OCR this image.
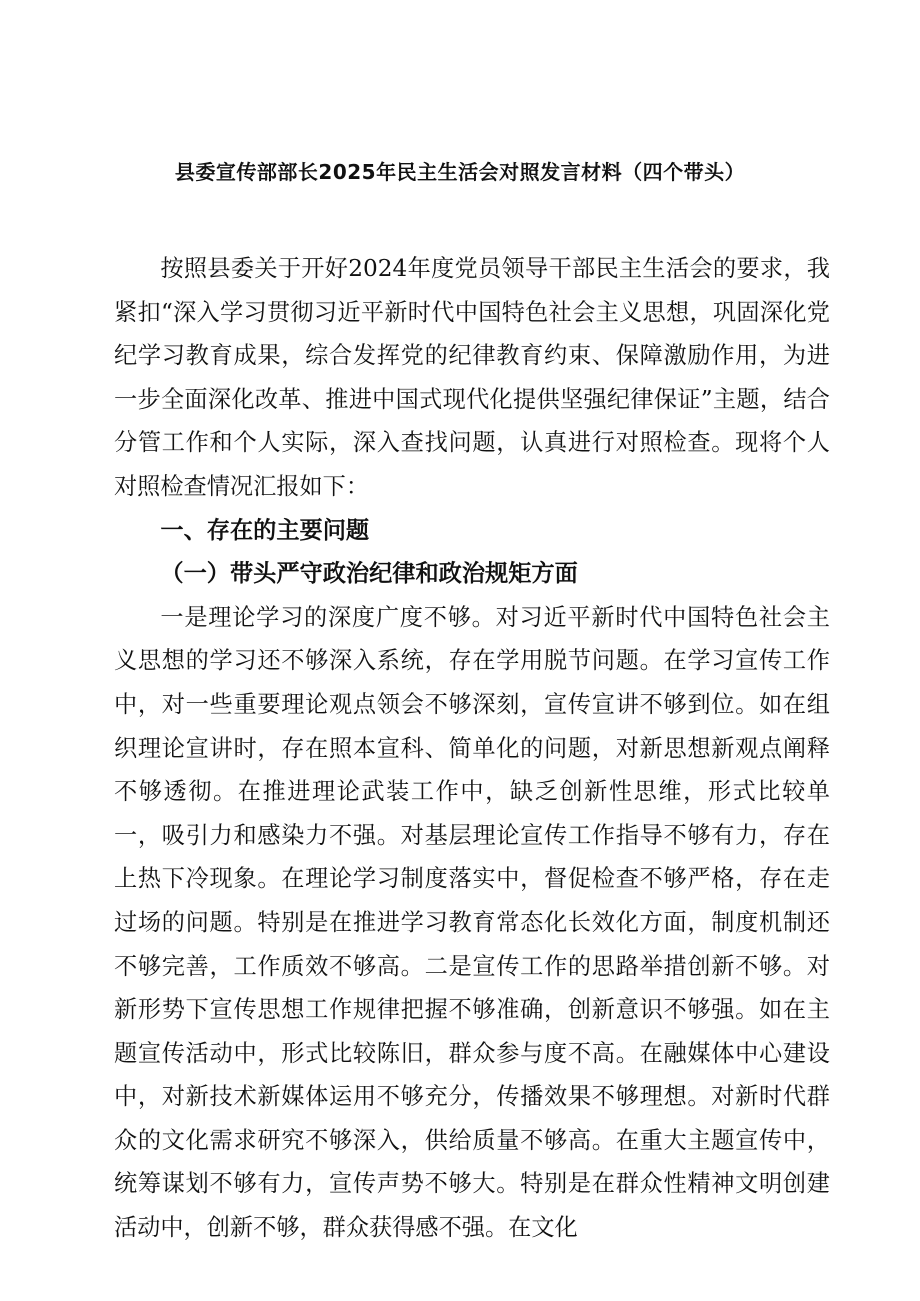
县委宣传部部长2025年民主生活会对照发言材料（四个带头）

按照县委关于开好2024年度党员领导干部民主生活会的要求，我紧扣“深入学习贯彻习近平新时代中国特色社会主义思想，巩固深化党纪学习教育成果，综合发挥党的纪律教育约束、保障激励作用，为进一步全面深化改革、推进中国式现代化提供坚强纪律保证”主题，结合分管工作和个人实际，深入查找问题，认真进行对照检查。现将个人对照检查情况汇报如下：

一、存在的主要问题
（一）带头严守政治纪律和政治规矩方面

一是理论学习的深度广度不够。对习近平新时代中国特色社会主义思想的学习还不够深入系统，存在学用脱节问题。在学习宣传工作中，对一些重要理论观点领会不够深刻，宣传宣讲不够到位。如在组织理论宣讲时，存在照本宣科、简单化的问题，对新思想新观点阐释不够透彻。在推进理论武装工作中，缺乏创新性思维，形式比较单一，吸引力和感染力不强。对基层理论宣传工作指导不够有力，存在上热下冷现象。在理论学习制度落实中，督促检查不够严格，存在走过场的问题。特别是在推进学习教育常态化长效化方面，制度机制还不够完善，工作质效不够高。二是宣传工作的思路举措创新不够。对新形势下宣传思想工作规律把握不够准确，创新意识不够强。如在主题宣传活动中，形式比较陈旧，群众参与度不高。在融媒体中心建设中，对新技术新媒体运用不够充分，传播效果不够理想。对新时代群众的文化需求研究不够深入，供给质量不够高。在重大主题宣传中，统筹谋划不够有力，宣传声势不够大。特别是在群众性精神文明创建活动中，创新不够，群众获得感不强。在文化
